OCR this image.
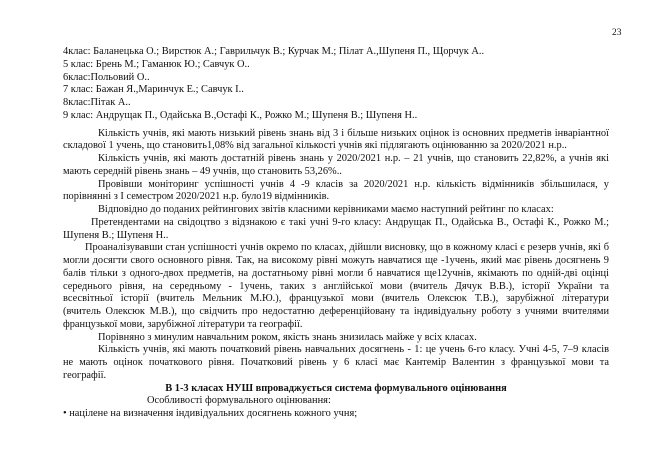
23
4клас: Баланецька О.; Вирстюк А.; Гаврильчук В.; Курчак М.; Пілат А.,Шупеня П., Щорчук А..
5 клас: Брень М.; Гаманюк Ю.; Савчук О..
6клас:Польовий О..
7 клас: Бажан Я.,Маринчук Е.; Савчук І..
8клас:Пітак А..
9 клас: Андрущак П., Одайська В.,Остафі К., Рожко М.; Шупеня В.; Шупеня Н..
Кількість учнів, які мають низький рівень знань від 3 і більше низьких оцінок із основних предметів інваріантної
складової 1 учень, що становить1,08% від загальної кількості учнів які підлягають оцінюванню за 2020/2021 н.р..
Кількість учнів, які мають достатній рівень знань у 2020/2021 н.р. – 21 учнів, що становить 22,82%, а учнів які
мають середній рівень знань – 49 учнів, що становить 53,26%..
Провівши моніторинг успішності учнів 4 -9 класів за 2020/2021 н.р. кількість відмінників збільшилася, у
порівнянні з І семестром 2020/2021 н.р. було19 відмінників.
Відповідно до поданих рейтингових звітів класними керівниками маємо наступний рейтинг по класах:
Претендентами на свідоцтво з відзнакою є такі учні 9-го класу: Андрущак П., Одайська В., Остафі К., Рожко М.;
Шупеня В.; Шупеня Н..
Проаналізувавши стан успішності учнів окремо по класах, дійшли висновку, що в кожному класі є резерв учнів, які б
могли досягти свого основного рівня. Так, на високому рівні можуть навчатися ще -1учень, який має рівень досягнень 9
балів тільки з одного-двох предметів, на достатньому рівні могли б навчатися ще12учнів, якімають по одній-дві оцінці
середнього рівня, на середньому - 1учень, таких з англійської мови (вчитель Дячук В.В.), історії України та
всесвітньої історії (вчитель Мельник М.Ю.), французької мови (вчитель Олексюк Т.В.), зарубіжної літератури
(вчитель Олексюк М.В.), що свідчить про недостатню деференційовану та індивідуальну роботу з учнями вчителями
французької мови, зарубіжної літератури та географії.
Порівняно з минулим навчальним роком, якість знань знизилась майже у всіх класах.
Кількість учнів, які мають початковий рівень навчальних досягнень - 1: це учень 6-го класу. Учні 4-5, 7–9 класів
не мають оцінок початкового рівня. Початковий рівень у 6 класі має Кантемір Валентин з французької мови та
географії.
В 1-3 класах НУШ впроваджується система формувального оцінювання
Особливості формувального оцінювання:
• націлене на визначення індивідуальних досягнень кожного учня;
